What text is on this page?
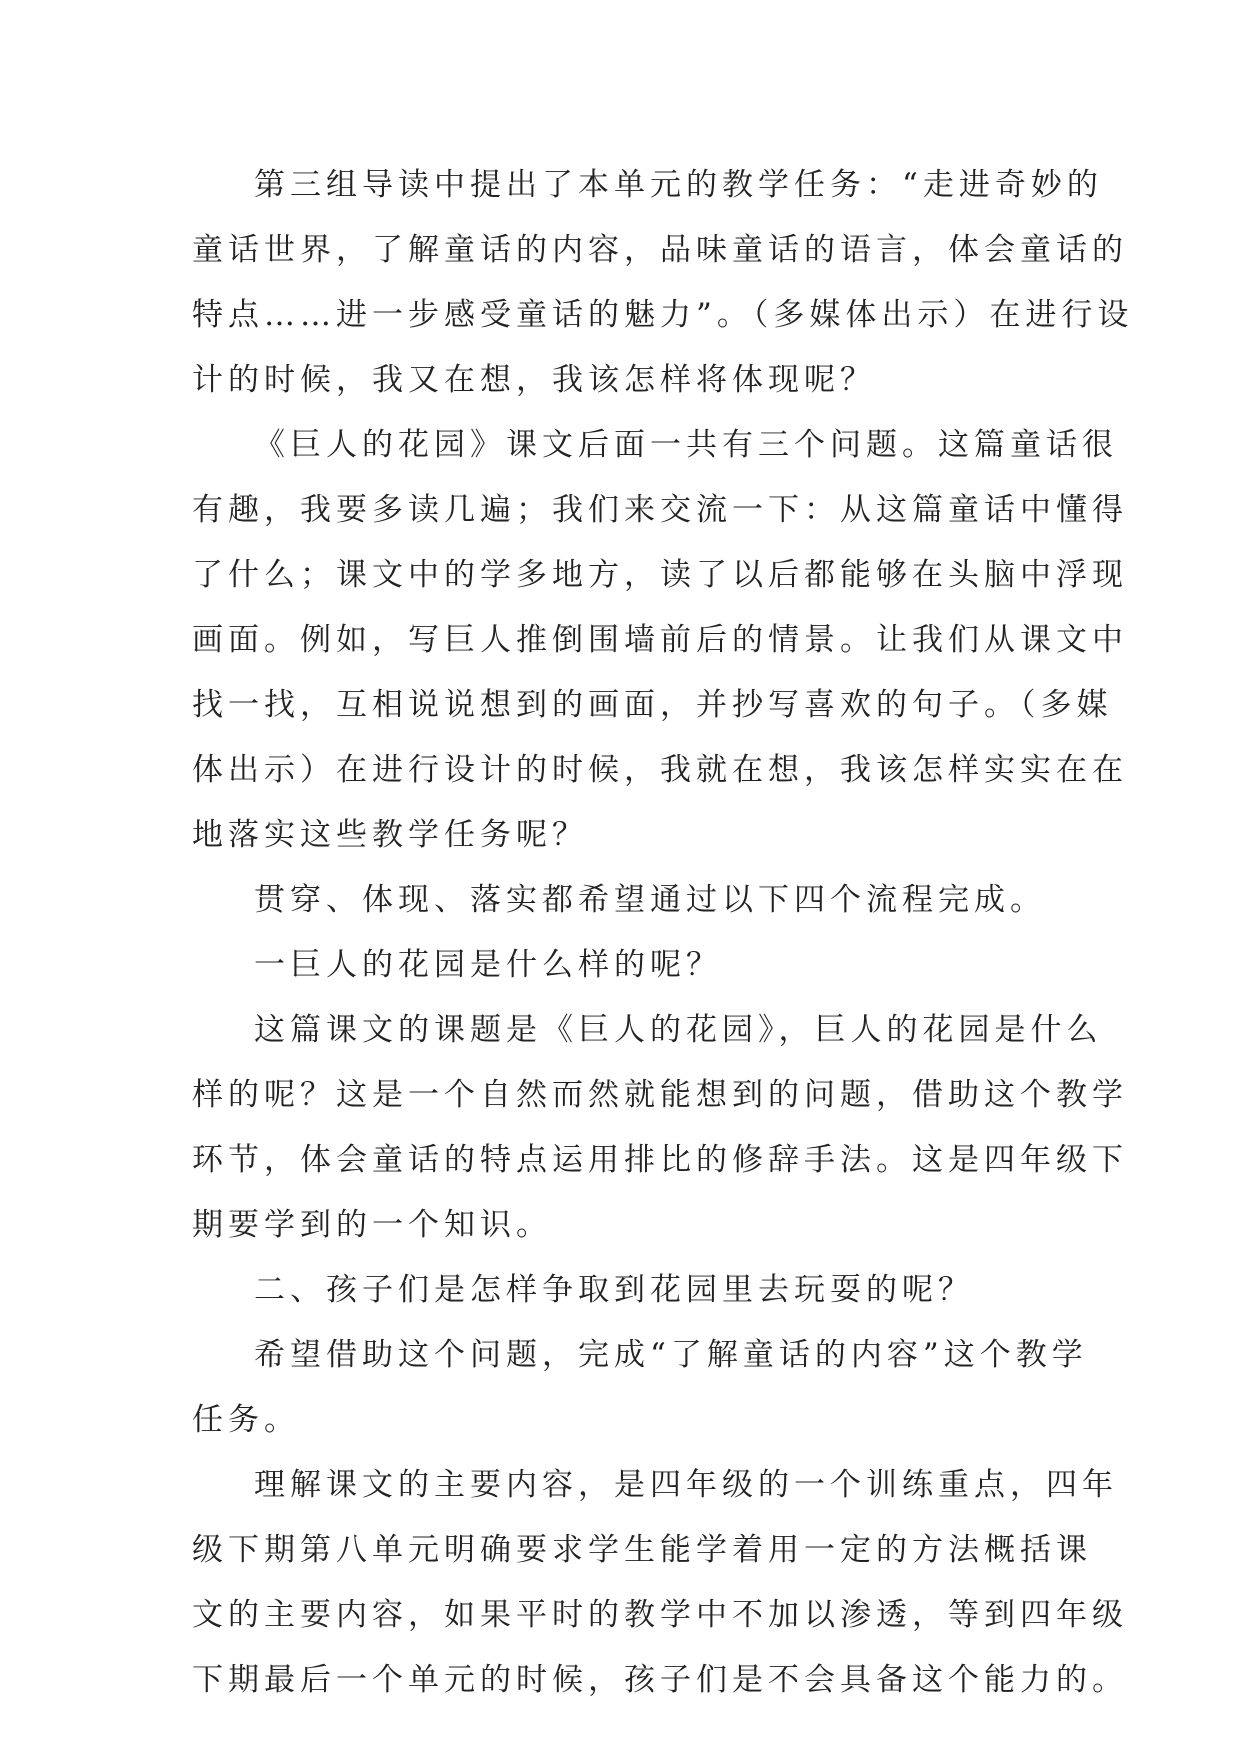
第三组导读中提出了本单元的教学任务：“走进奇妙的
童话世界，了解童话的内容，品味童话的语言，体会童话的
特点……进一步感受童话的魅力”。（多媒体出示）在进行设
计的时候，我又在想，我该怎样将体现呢？

《巨人的花园》课文后面一共有三个问题。这篇童话很
有趣，我要多读几遍；我们来交流一下：从这篇童话中懂得
了什么；课文中的学多地方，读了以后都能够在头脑中浮现
画面。例如，写巨人推倒围墙前后的情景。让我们从课文中
找一找，互相说说想到的画面，并抄写喜欢的句子。（多媒
体出示）在进行设计的时候，我就在想，我该怎样实实在在
地落实这些教学任务呢？

贯穿、体现、落实都希望通过以下四个流程完成。

一巨人的花园是什么样的呢？

这篇课文的课题是《巨人的花园》，巨人的花园是什么
样的呢？这是一个自然而然就能想到的问题，借助这个教学
环节，体会童话的特点运用排比的修辞手法。这是四年级下
期要学到的一个知识。

二、孩子们是怎样争取到花园里去玩耍的呢？

希望借助这个问题，完成“了解童话的内容”这个教学
任务。

理解课文的主要内容，是四年级的一个训练重点，四年
级下期第八单元明确要求学生能学着用一定的方法概括课
文的主要内容，如果平时的教学中不加以渗透，等到四年级
下期最后一个单元的时候，孩子们是不会具备这个能力的。
